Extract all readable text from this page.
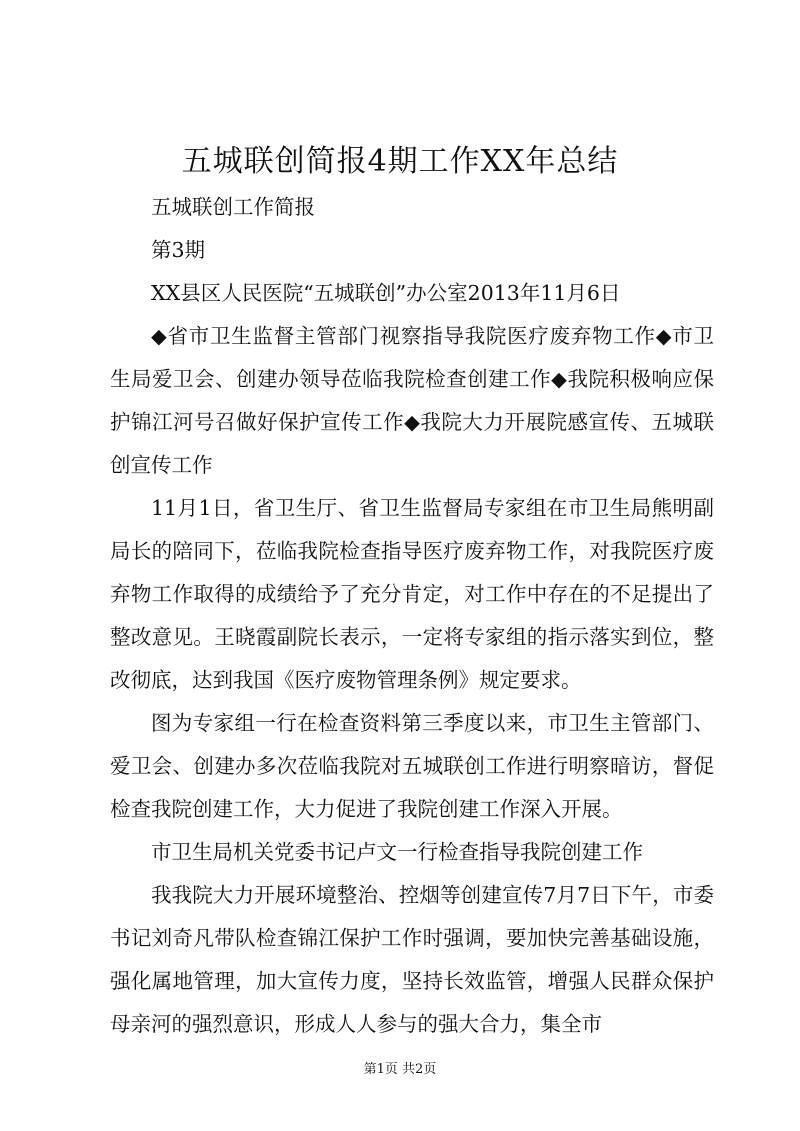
五城联创简报4期工作XX年总结

五城联创工作简报

第3期

XX县区人民医院“五城联创”办公室2013年11月6日

◆省市卫生监督主管部门视察指导我院医疗废弃物工作◆市卫生局爱卫会、创建办领导莅临我院检查创建工作◆我院积极响应保护锦江河号召做好保护宣传工作◆我院大力开展院感宣传、五城联创宣传工作

11月1日，省卫生厅、省卫生监督局专家组在市卫生局熊明副局长的陪同下，莅临我院检查指导医疗废弃物工作，对我院医疗废弃物工作取得的成绩给予了充分肯定，对工作中存在的不足提出了整改意见。王晓霞副院长表示，一定将专家组的指示落实到位，整改彻底，达到我国《医疗废物管理条例》规定要求。

图为专家组一行在检查资料第三季度以来，市卫生主管部门、爱卫会、创建办多次莅临我院对五城联创工作进行明察暗访，督促检查我院创建工作，大力促进了我院创建工作深入开展。

市卫生局机关党委书记卢文一行检查指导我院创建工作

我我院大力开展环境整治、控烟等创建宣传7月7日下午，市委书记刘奇凡带队检查锦江保护工作时强调，要加快完善基础设施，强化属地管理，加大宣传力度，坚持长效监管，增强人民群众保护母亲河的强烈意识，形成人人参与的强大合力，集全市

第1页 共2页
